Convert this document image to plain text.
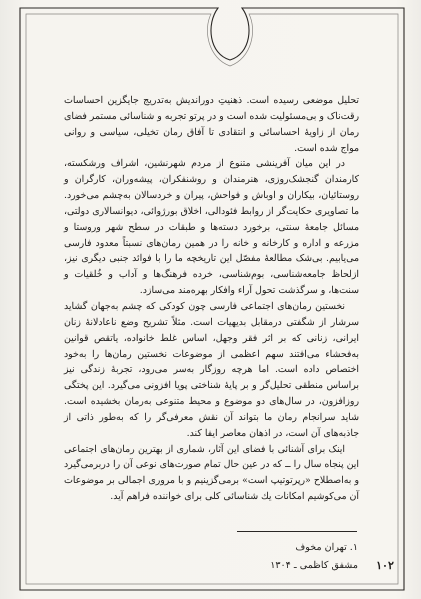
تحلیل موضعی رسیده است. ذهنیتِ دوراندیش به‌تدریج جایگزین احساسات رقت‌ناک و بی‌مسئولیت شده است و در پرتو تجربه و شناسائی مستمر فضای رمان از زاویهٔ احساسائی و انتقادی تا آفاق رمان تخیلی، سیاسی و روانی مواج شده است.

در این میان آفرینشی متنوع از مردم شهرنشین، اشراف ورشکسته، کارمندان گنجشک‌روزی، هنرمندان و روشنفکران، پیشه‌وران، کارگران و روستائیان، بیکاران و اوباش و فواحش، پیران و خردسالان به‌چشم می‌خورد. ما تصاویری حکایت‌گر از روابط فئودالی، اخلاق بورژوائی، دیوانسالاری دولتی، مسائل جامعهٔ سنتی، برخورد دسته‌ها و طبقات در سطح شهر وروستا و مزرعه و اداره و کارخانه و خانه را در همین رمان‌های نسبتاً معدود فارسی می‌یابیم. بی‌شک مطالعهٔ مفصّل این تاریخچه ما را با فوائد جنبی دیگری نیز، ازلحاظ جامعه‌شناسی، بوم‌شناسی، خرده فرهنگ‌ها و آداب و خُلقیات و سنت‌ها، و سرگذشت تحول آراء وافکار بهره‌مند می‌سازد.

نخستین رمان‌های اجتماعی فارسی چون کودکی که چشم به‌جهان گشاید سرشار از شگفتی درمقابل بدیهیات است. مثلاً تشریح وضع ناعادلانهٔ زنان ایرانی، زنانی که بر اثر فقر وجهل، اساس غلط خانواده، یاتقص قوانین به‌فحشاء می‌افتند سهم اعظمی از موضوعات نخستین رمان‌ها را به‌خود اختصاص داده است. اما هرچه روزگار به‌سر می‌رود، تجربهٔ زندگی نیز براساس منطقی تحلیل‌گر و بر پایهٔ شناختی پویا افزونی می‌گیرد. این پختگی روزافزون، در سال‌های دو موضوع و محیط متنوعی به‌رمان بخشیده است. شاید سرانجام رمان ما بتواند آن نقش معرفی‌گر را که به‌طور ذاتی از جاذبه‌های آن است، در اذهان معاصر ایفا کند.

اینک برای آشنائی با فضای این آثار، شماری از بهترین رمان‌های اجتماعی این پنجاه سال را ــ که در عین حال تمام صورت‌های نوعی آن را دربرمی‌گیرد و به‌اصطلاح «رپرتوتیپ است» برمی‌گزینیم و با مروری اجمالی بر موضوعات آن می‌کوشیم امکانات یك شناسائی کلی برای خواننده فراهم آید.

۱. تهران مخوف
مشفق کاظمی ـ ۱۳۰۴	۱۰۲
